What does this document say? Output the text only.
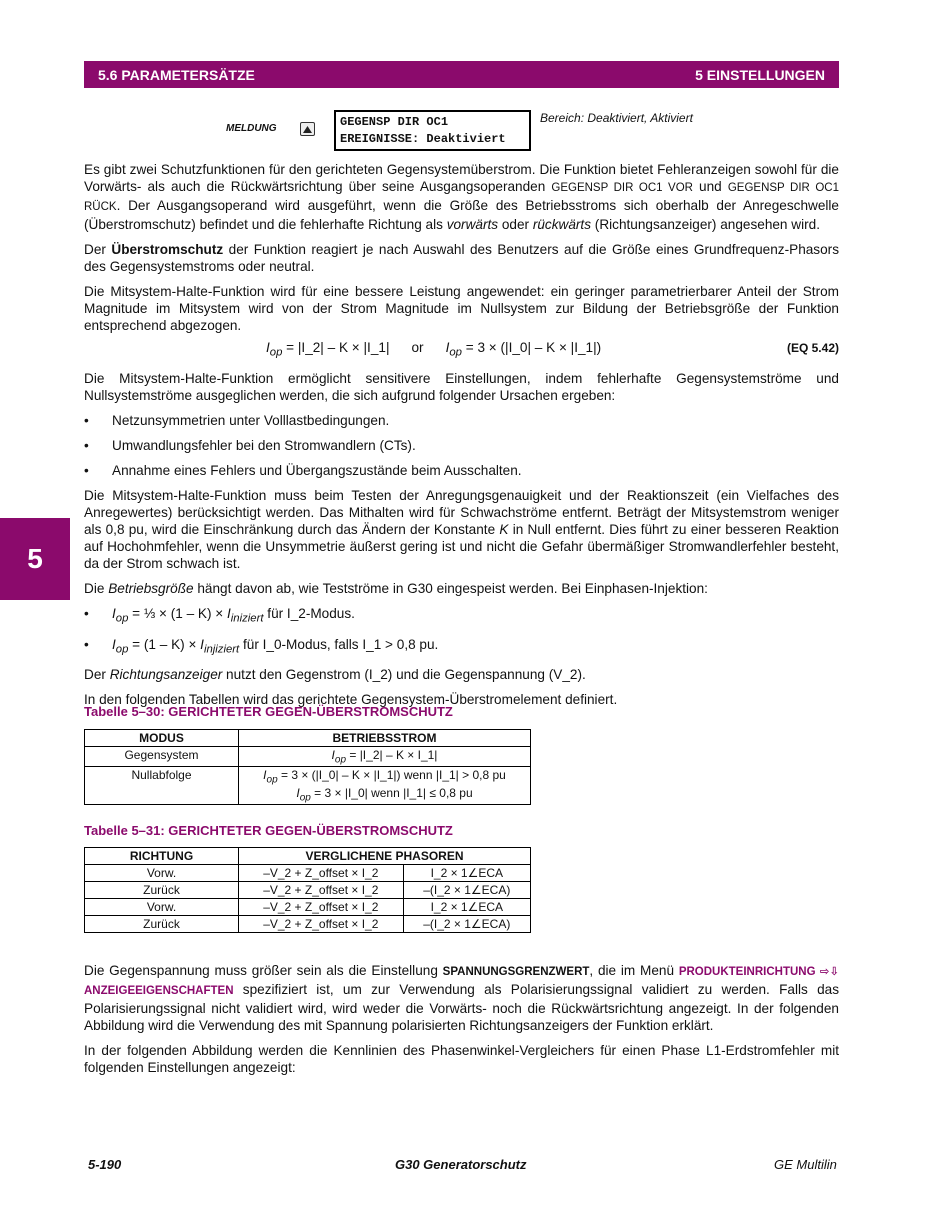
5.6 PARAMETERSÄTZE	5 EINSTELLUNGEN
5
MELDUNG	GEGENSP DIR OC1
EREIGNISSE: Deaktiviert
Bereich: Deaktiviert, Aktiviert

Es gibt zwei Schutzfunktionen für den gerichteten Gegensystemüberstrom. Die Funktion bietet Fehleranzeigen sowohl für die Vorwärts- als auch die Rückwärtsrichtung über seine Ausgangsoperanden GEGENSP DIR OC1 VOR und GEGENSP DIR OC1 RÜCK. Der Ausgangsoperand wird ausgeführt, wenn die Größe des Betriebsstroms sich oberhalb der Anregeschwelle (Überstromschutz) befindet und die fehlerhafte Richtung als vorwärts oder rückwärts (Richtungsanzeiger) angesehen wird.

Der Überstromschutz der Funktion reagiert je nach Auswahl des Benutzers auf die Größe eines Grundfrequenz-Phasors des Gegensystemstroms oder neutral.

Die Mitsystem-Halte-Funktion wird für eine bessere Leistung angewendet: ein geringer parametrierbarer Anteil der Strom Magnitude im Mitsystem wird von der Strom Magnitude im Nullsystem zur Bildung der Betriebsgröße der Funktion entsprechend abgezogen.

$I_{op}$ = |I_2| – K × |I_1| or $I_{op} = 3$ × (|I_0| – K × |I_1|)	(EQ 5.42)

Die Mitsystem-Halte-Funktion ermöglicht sensitivere Einstellungen, indem fehlerhafte Gegensystemströme und Nullsystemströme ausgeglichen werden, die sich aufgrund folgender Ursachen ergeben:

• Netzunsymmetrien unter Volllastbedingungen.
• Umwandlungsfehler bei den Stromwandlern (CTs).
• Annahme eines Fehlers und Übergangszustände beim Ausschalten.

Die Mitsystem-Halte-Funktion muss beim Testen der Anregungsgenauigkeit und der Reaktionszeit (ein Vielfaches des Anregewertes) berücksichtigt werden. Das Mithalten wird für Schwachströme entfernt. Beträgt der Mitsystemstrom weniger als 0,8 pu, wird die Einschränkung durch das Ändern der Konstante K in Null entfernt. Dies führt zu einer besseren Reaktion auf Hochohmfehler, wenn die Unsymmetrie äußerst gering ist und nicht die Gefahr übermäßiger Stromwandlerfehler besteht, da der Strom schwach ist.

Die Betriebsgröße hängt davon ab, wie Testströme in G30 eingespeist werden. Bei Einphasen-Injektion:

• $I_{op}$ = ⅓ × $(1 - K) \times I_{iniziert}$ für I_2-Modus.
• $I_{op} = (1 - K) \times I_{injiziert}$ für I_0-Modus, falls I_1 > 0,8 pu.

Der Richtungsanzeiger nutzt den Gegenstrom (I_2) und die Gegenspannung (V_2).

In den folgenden Tabellen wird das gerichtete Gegensystem-Überstromelement definiert.

Tabelle 5–30: GERICHTETER GEGEN-ÜBERSTROMSCHUTZ
MODUS	BETRIEBSSTROM
Gegensystem	$I_{op}$ = |I_2| – K × I_1|
Nullabfolge	$I_{op} = 3$ × (|I_0| – K × |I_1|) wenn |I_1| > 0,8 pu
$I_{op} = 3$ × |I_0| wenn |I_1| ≤ 0,8 pu
Tabelle 5–31: GERICHTETER GEGEN-ÜBERSTROMSCHUTZ
RICHTUNG	VERGLICHENE PHASOREN	
Vorw.	–V_2 + Z_offset × I_2	I_2 × 1∠ECA
Zurück	–V_2 + Z_offset × I_2	–(I_2 × 1∠ECA)
Vorw.	–V_2 + Z_offset × I_2	I_2 × 1∠ECA
Zurück	–V_2 + Z_offset × I_2	–(I_2 × 1∠ECA)

Die Gegenspannung muss größer sein als die Einstellung SPANNUNGSGRENZWERT, die im Menü PRODUKTEINRICHTUNG ⇨⇩ ANZEIGEEIGENSCHAFTEN spezifiziert ist, um zur Verwendung als Polarisierungssignal validiert zu werden. Falls das Polarisierungssignal nicht validiert wird, wird weder die Vorwärts- noch die Rückwärtsrichtung angezeigt. In der folgenden Abbildung wird die Verwendung des mit Spannung polarisierten Richtungsanzeigers der Funktion erklärt.

In der folgenden Abbildung werden die Kennlinien des Phasenwinkel-Vergleichers für einen Phase L1-Erdstromfehler mit folgenden Einstellungen angezeigt:

5-190	G30 Generatorschutz	GE Multilin
